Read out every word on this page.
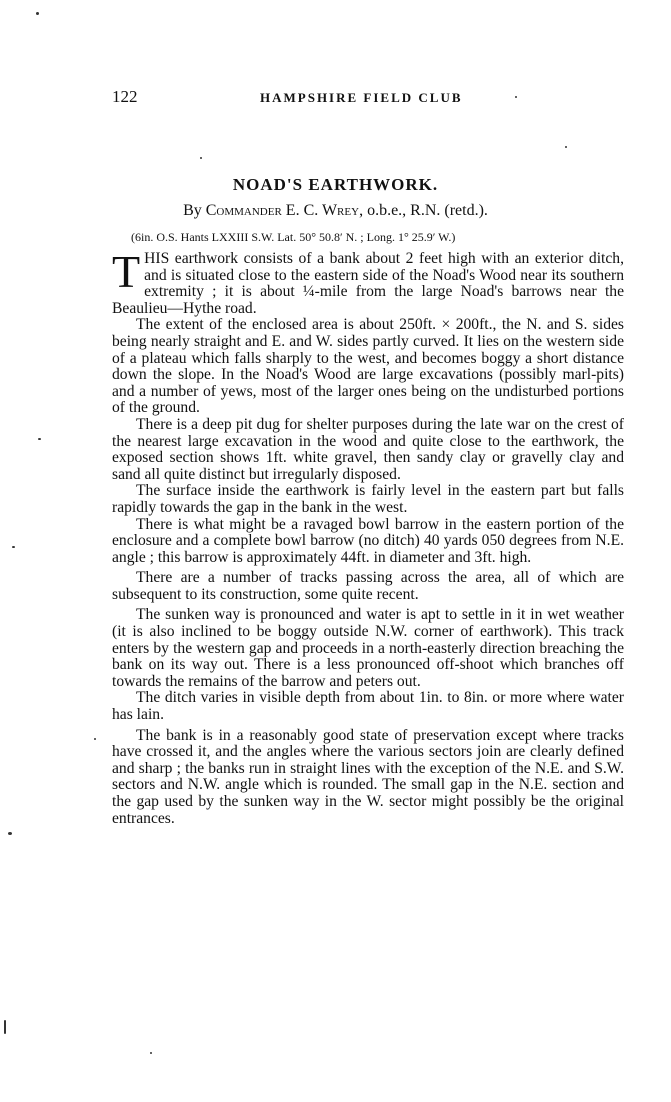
122	HAMPSHIRE FIELD CLUB
NOAD'S EARTHWORK.
By Commander E. C. Wrey, o.b.e., R.N. (retd.).
(6in. O.S. Hants LXXIII S.W. Lat. 50° 50.8′ N. ; Long. 1° 25.9′ W.)

THIS earthwork consists of a bank about 2 feet high with an exterior ditch, and is situated close to the eastern side of the Noad's Wood near its southern extremity ; it is about ¼-mile from the large Noad's barrows near the Beaulieu—Hythe road.

The extent of the enclosed area is about 250ft. × 200ft., the N. and S. sides being nearly straight and E. and W. sides partly curved. It lies on the western side of a plateau which falls sharply to the west, and becomes boggy a short distance down the slope. In the Noad's Wood are large excavations (possibly marl-pits) and a number of yews, most of the larger ones being on the undisturbed portions of the ground.

There is a deep pit dug for shelter purposes during the late war on the crest of the nearest large excavation in the wood and quite close to the earthwork, the exposed section shows 1ft. white gravel, then sandy clay or gravelly clay and sand all quite distinct but irregularly disposed.

The surface inside the earthwork is fairly level in the eastern part but falls rapidly towards the gap in the bank in the west.

There is what might be a ravaged bowl barrow in the eastern portion of the enclosure and a complete bowl barrow (no ditch) 40 yards 050 degrees from N.E. angle ; this barrow is approximately 44ft. in diameter and 3ft. high.

There are a number of tracks passing across the area, all of which are subsequent to its construction, some quite recent.

The sunken way is pronounced and water is apt to settle in it in wet weather (it is also inclined to be boggy outside N.W. corner of earthwork). This track enters by the western gap and proceeds in a north-easterly direction breaching the bank on its way out. There is a less pronounced off-shoot which branches off towards the remains of the barrow and peters out.

The ditch varies in visible depth from about 1in. to 8in. or more where water has lain.

The bank is in a reasonably good state of preservation except where tracks have crossed it, and the angles where the various sectors join are clearly defined and sharp ; the banks run in straight lines with the exception of the N.E. and S.W. sectors and N.W. angle which is rounded. The small gap in the N.E. section and the gap used by the sunken way in the W. sector might possibly be the original entrances.
